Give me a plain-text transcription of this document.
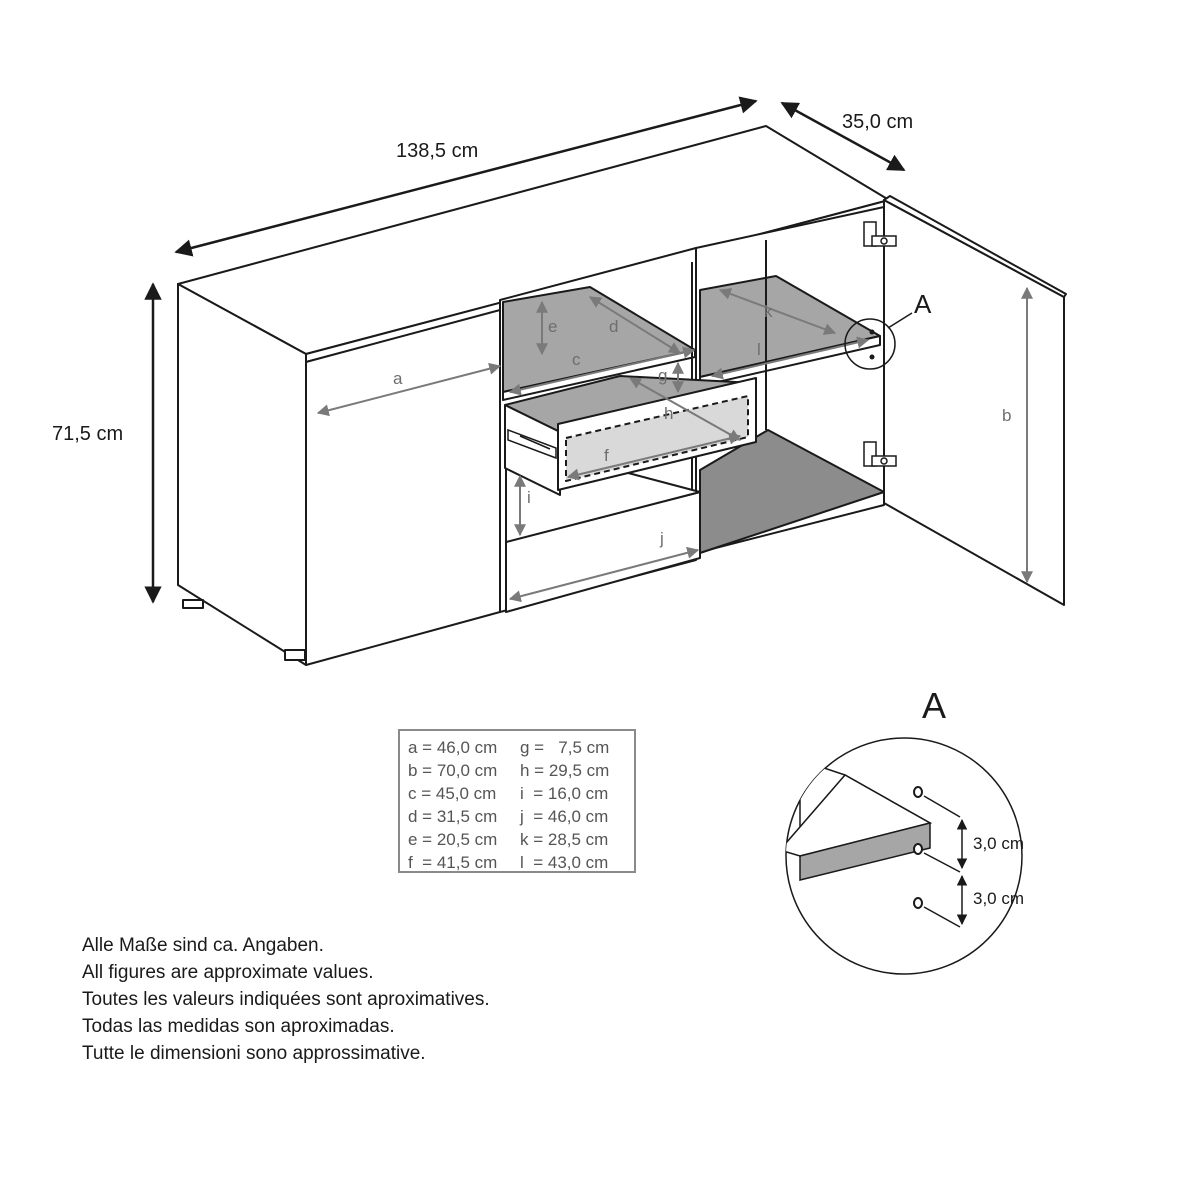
138,5 cm
35,0 cm
71,5 cm
a
b
c
d
e
f
g
h
i
j
k
l
A
A
3,0 cm
3,0 cm
a = 46,0 cm	g =   7,5 cm
b = 70,0 cm	h = 29,5 cm
c = 45,0 cm	i  = 16,0 cm
d = 31,5 cm	j  = 46,0 cm
e = 20,5 cm	k = 28,5 cm
f  = 41,5 cm	l  = 43,0 cm
Alle Maße sind ca. Angaben.
All figures are approximate values.
Toutes les valeurs indiquées sont aproximatives.
Todas las medidas son aproximadas.
Tutte le dimensioni sono approssimative.
